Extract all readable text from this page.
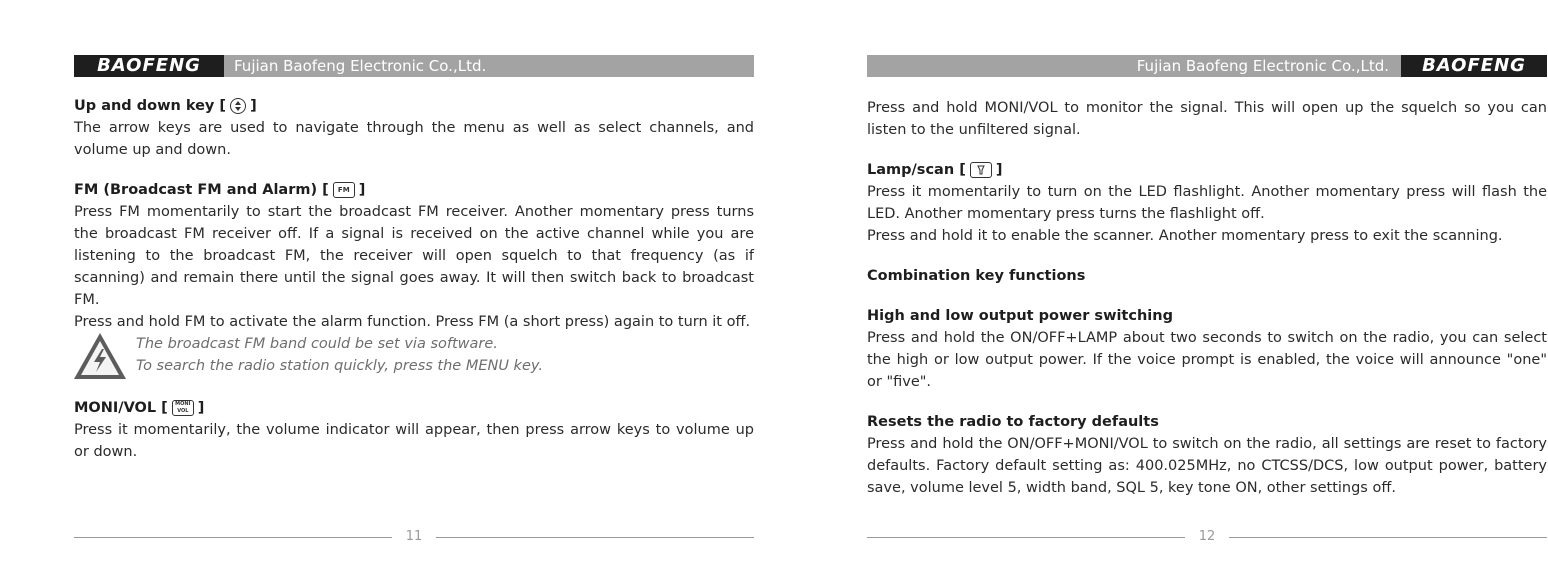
BAOFENG	Fujian Baofeng Electronic Co.,Ltd.
Up and down key [ ]

The arrow keys are used to navigate through the menu as well as select channels, and volume up and down.

FM (Broadcast FM and Alarm) [	FM ]

Press FM momentarily to start the broadcast FM receiver. Another momentary press turns the broadcast FM receiver off. If a signal is received on the active channel while you are listening to the broadcast FM, the receiver will open squelch to that frequency (as if scanning) and remain there until the signal goes away. It will then switch back to broadcast FM.

Press and hold FM to activate the alarm function. Press FM (a short press) again to turn it off.

The broadcast FM band could be set via software.
To search the radio station quickly, press the MENU key.
MONI/VOL [	MONI VOL ]

Press it momentarily, the volume indicator will appear, then press arrow keys to volume up or down.

11
Fujian Baofeng Electronic Co.,Ltd.	BAOFENG

Press and hold MONI/VOL to monitor the signal. This will open up the squelch so you can listen to the unfiltered signal.

Lamp/scan [ ]

Press it momentarily to turn on the LED flashlight. Another momentary press will flash the LED. Another momentary press turns the flashlight off.

Press and hold it to enable the scanner. Another momentary press to exit the scanning.

Combination key functions
High and low output power switching

Press and hold the ON/OFF+LAMP about two seconds to switch on the radio, you can select the high or low output power. If the voice prompt is enabled, the voice will announce "one" or "five".

Resets the radio to factory defaults

Press and hold the ON/OFF+MONI/VOL to switch on the radio, all settings are reset to factory defaults. Factory default setting as: 400.025MHz, no CTCSS/DCS, low output power, battery save, volume level 5, width band, SQL 5, key tone ON, other settings off.

12
